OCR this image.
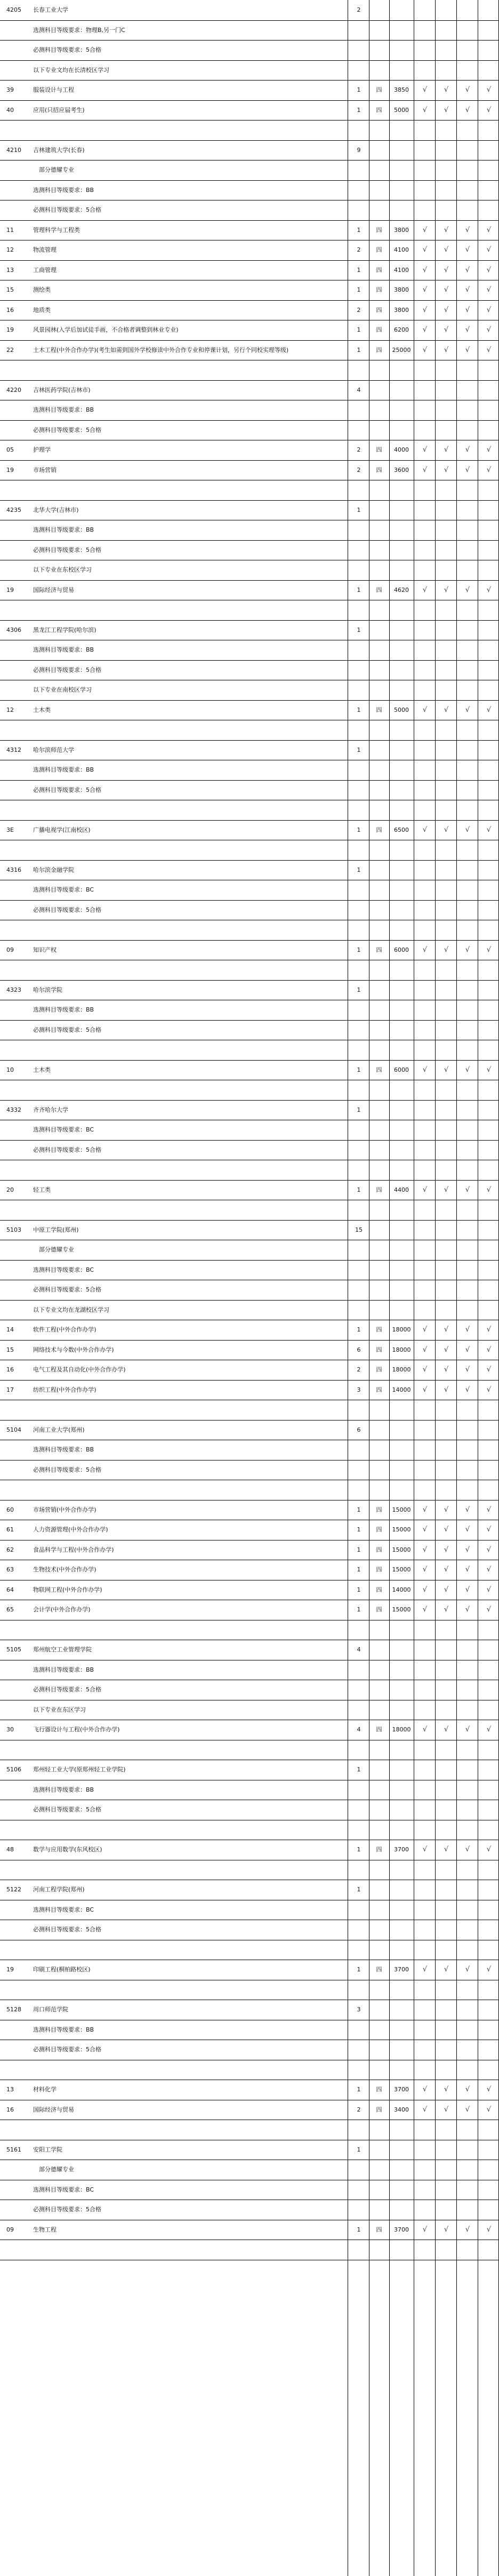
4205	长春工业大学	2
选测科目等级要求：物理B,另一门C
必测科目等级要求：5合格
以下专业文均在长清校区学习
39	服装设计与工程	1	四	3850	√	√	√	√
40	应用(只招应届考生)	1	四	5000	√	√	√	√
4210	吉林建筑大学(长春)	9
　部分德耀专业
选测科目等级要求：BB
必测科目等级要求：5合格
11	管理科学与工程类	1	四	3800	√	√	√	√
12	物流管理	2	四	4100	√	√	√	√
13	工商管理	1	四	4100	√	√	√	√
15	测绘类	1	四	3800	√	√	√	√
16	地质类	2	四	3800	√	√	√	√
19	风景园林(入学后加试徒手画，不合格者调整到林业专业)	1	四	6200	√	√	√	√
22	土木工程(中外合作办学)(考生如需到国外学校修读中外合作专业和停课计划，另行个同校实理等级)	1	四	25000	√	√	√	√
4220	吉林医药学院(吉林市)	4
选测科目等级要求：BB
必测科目等级要求：5合格
05	护理学	2	四	4000	√	√	√	√
19	市场营销	2	四	3600	√	√	√	√
4235	北华大学(吉林市)	1
选测科目等级要求：BB
必测科目等级要求：5合格
以下专业在东校区学习
19	国际经济与贸易	1	四	4620	√	√	√	√
4306	黑龙江工程学院(哈尔滨)	1
选测科目等级要求：BB
必测科目等级要求：5合格
以下专业在南校区学习
12	土木类	1	四	5000	√	√	√	√
4312	哈尔滨师范大学	1
选测科目等级要求：BB
必测科目等级要求：5合格
3E	广播电视学(江南校区)	1	四	6500	√	√	√	√
4316	哈尔滨金融学院	1
选测科目等级要求：BC
必测科目等级要求：5合格
09	知识产权	1	四	6000	√	√	√	√
4323	哈尔滨学院	1
选测科目等级要求：BB
必测科目等级要求：5合格
10	土木类	1	四	6000	√	√	√	√
4332	齐齐哈尔大学	1
选测科目等级要求：BC
必测科目等级要求：5合格
20	轻工类	1	四	4400	√	√	√	√
5103	中原工学院(郑州)	15
　部分德耀专业
选测科目等级要求：BC
必测科目等级要求：5合格
以下专业文均在龙湖校区学习
14	软件工程(中外合作办学)	1	四	18000	√	√	√	√
15	网络技术与今数(中外合作办学)	6	四	18000	√	√	√	√
16	电气工程及其自动化(中外合作办学)	2	四	18000	√	√	√	√
17	纺织工程(中外合作办学)	3	四	14000	√	√	√	√
5104	河南工业大学(郑州)	6
选测科目等级要求：BB
必测科目等级要求：5合格
60	市场营销(中外合作办学)	1	四	15000	√	√	√	√
61	人力资源管理(中外合作办学)	1	四	15000	√	√	√	√
62	食品科学与工程(中外合作办学)	1	四	15000	√	√	√	√
63	生物技术(中外合作办学)	1	四	15000	√	√	√	√
64	物联网工程(中外合作办学)	1	四	14000	√	√	√	√
65	会计学(中外合作办学)	1	四	15000	√	√	√	√
5105	郑州航空工业管理学院	4
选测科目等级要求：BB
必测科目等级要求：5合格
以下专业在东区学习
30	飞行器设计与工程(中外合作办学)	4	四	18000	√	√	√	√
5106	郑州轻工业大学(原郑州轻工业学院)	1
选测科目等级要求：BB
必测科目等级要求：5合格
48	数学与应用数学(东风校区)	1	四	3700	√	√	√	√
5122	河南工程学院(郑州)	1
选测科目等级要求：BC
必测科目等级要求：5合格
19	印刷工程(桐柏路校区)	1	四	3700	√	√	√	√
5128	周口师范学院	3
选测科目等级要求：BB
必测科目等级要求：5合格
13	材料化学	1	四	3700	√	√	√	√
16	国际经济与贸易	2	四	3400	√	√	√	√
5161	安阳工学院	1
　部分德耀专业
选测科目等级要求：BC
必测科目等级要求：5合格
09	生物工程	1	四	3700	√	√	√	√
